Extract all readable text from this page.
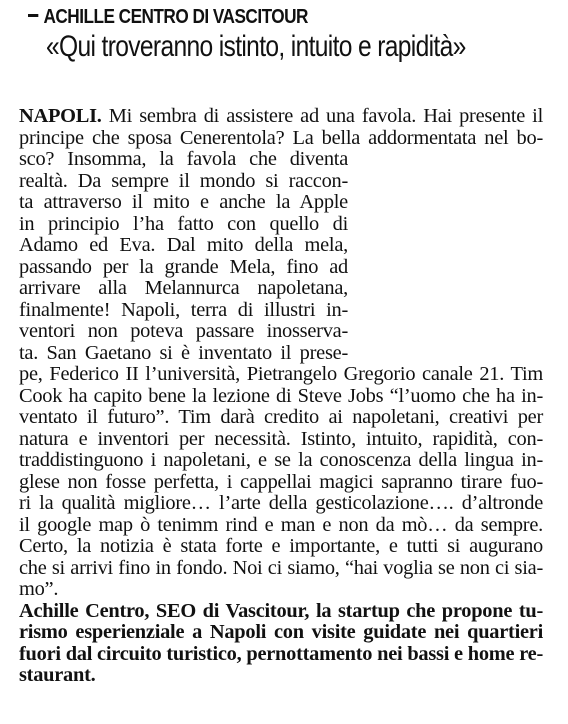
ACHILLE CENTRO DI VASCITOUR
«Qui troveranno istinto, intuito e rapidità»
NAPOLI. Mi sembra di assistere ad una favola. Hai presente il
principe che sposa Cenerentola? La bella addormentata nel bo-
sco? Insomma, la favola che diventa
realtà. Da sempre il mondo si raccon-
ta attraverso il mito e anche la Apple
in principio l’ha fatto con quello di
Adamo ed Eva. Dal mito della mela,
passando per la grande Mela, fino ad
arrivare alla Melannurca napoletana,
finalmente! Napoli, terra di illustri in-
ventori non poteva passare inosserva-
ta. San Gaetano si è inventato il prese-
pe, Federico II l’università, Pietrangelo Gregorio canale 21. Tim
Cook ha capito bene la lezione di Steve Jobs “l’uomo che ha in-
ventato il futuro”. Tim darà credito ai napoletani, creativi per
natura e inventori per necessità. Istinto, intuito, rapidità, con-
traddistinguono i napoletani, e se la conoscenza della lingua in-
glese non fosse perfetta, i cappellai magici sapranno tirare fuo-
ri la qualità migliore… l’arte della gesticolazione…. d’altronde
il google map ò tenimm rind e man e non da mò… da sempre.
Certo, la notizia è stata forte e importante, e tutti si augurano
che si arrivi fino in fondo. Noi ci siamo, “hai voglia se non ci sia-
mo”.
Achille Centro, SEO di Vascitour, la startup che propone tu-
rismo esperienziale a Napoli con visite guidate nei quartieri
fuori dal circuito turistico, pernottamento nei bassi e home re-
staurant.
